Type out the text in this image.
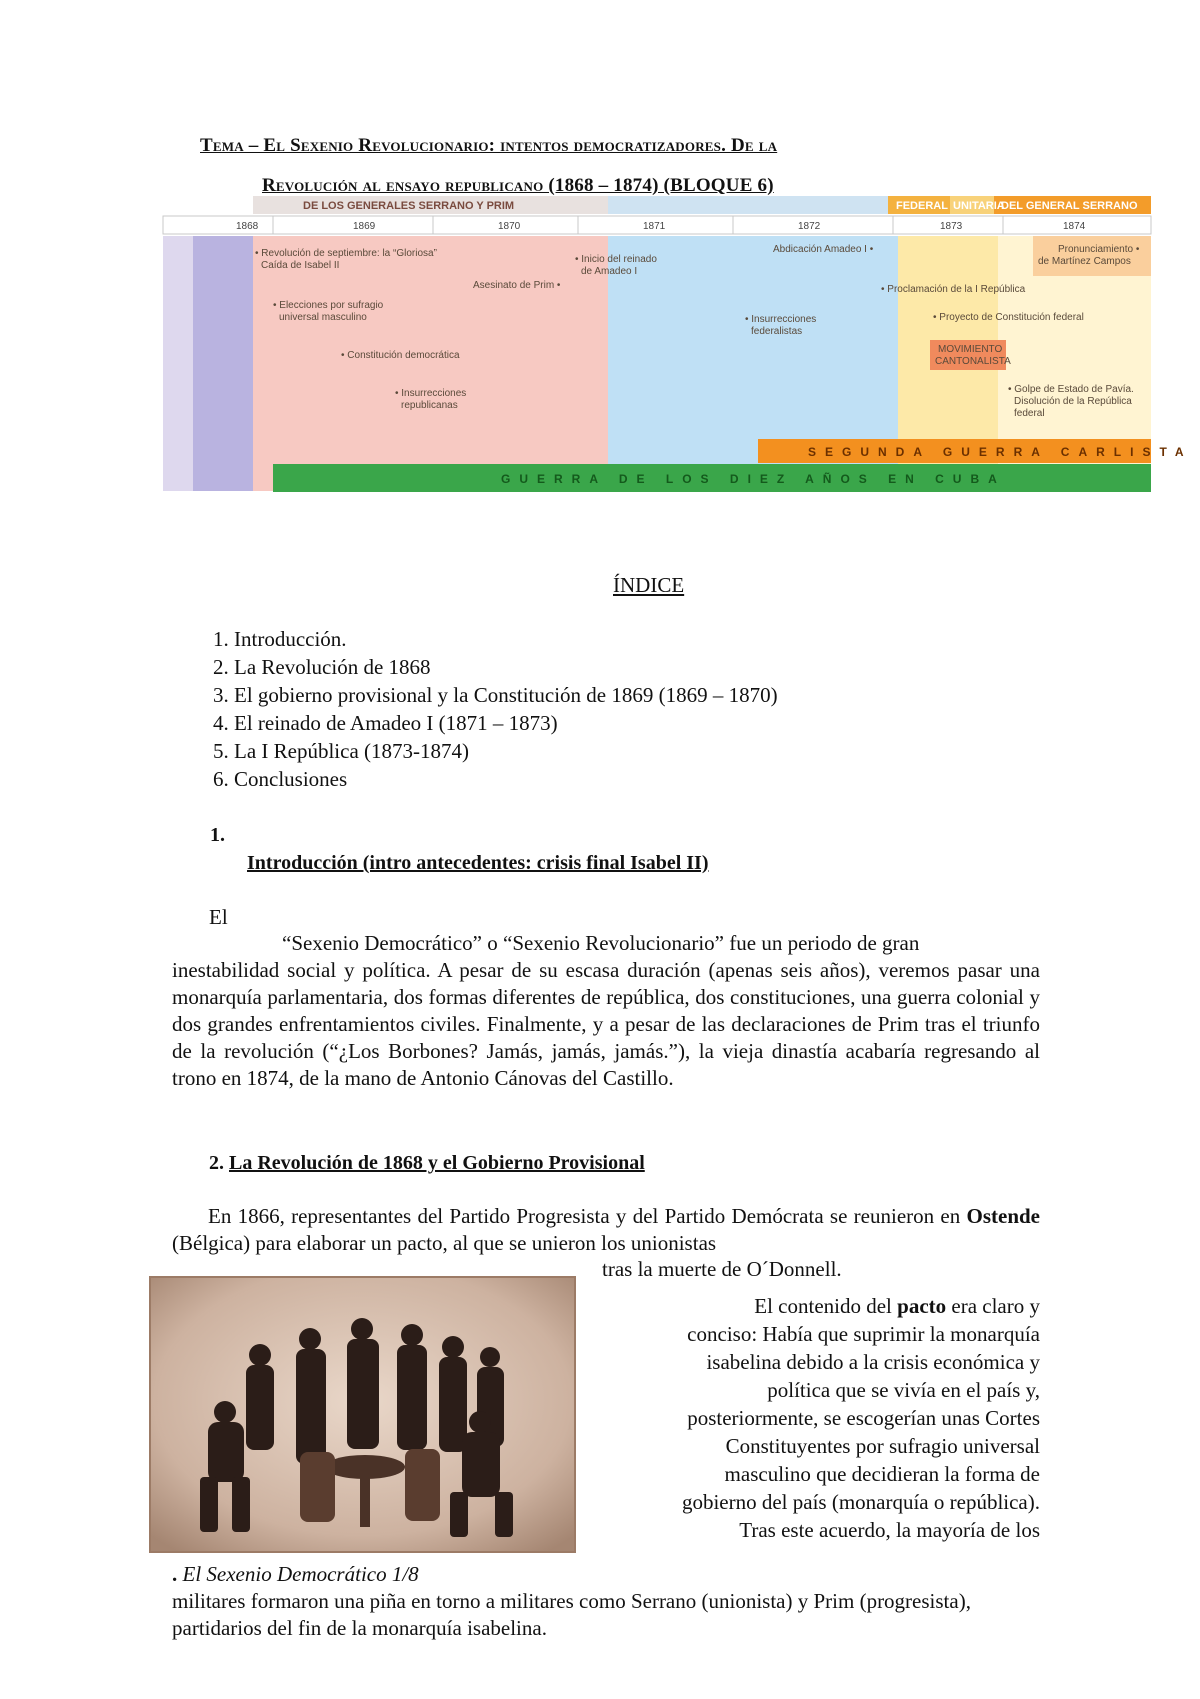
Tema – El Sexenio Revolucionario: intentos democratizadores. De la
Revolución al ensayo republicano (1868 – 1874) (BLOQUE 6)
DE LOS GENERALES SERRANO Y PRIM	FEDERAL UNITARIA
DEL GENERAL SERRANO
1868	1869	1870	1871	1872	1873	1874
• Revolución de septiembre: la “Gloriosa”
Caída de Isabel II
• Elecciones por sufragio
universal masculino
• Constitución democrática
• Insurrecciones
republicanas
Asesinato de Prim •
• Inicio del reinado
de Amadeo I
Abdicación Amadeo I •
• Insurrecciones
federalistas
Pronunciamiento •
de Martínez Campos
• Proclamación de la I República
• Proyecto de Constitución federal
MOVIMIENTO
CANTONALISTA
• Golpe de Estado de Pavía.
Disolución de la República
federal
SEGUNDA GUERRA CARLISTA
GUERRA DE LOS DIEZ AÑOS EN CUBA
ÍNDICE
1. Introducción.
2. La Revolución de 1868
3. El gobierno provisional y la Constitución de 1869 (1869 – 1870)
4. El reinado de Amadeo I (1871 – 1873)
5. La I República (1873-1874)
6. Conclusiones
1.
Introducción (intro antecedentes: crisis final Isabel II)
El
“Sexenio Democrático” o “Sexenio Revolucionario” fue un periodo de gran
inestabilidad social y política. A pesar de su escasa duración (apenas seis años), veremos pasar una monarquía parlamentaria, dos formas diferentes de república, dos constituciones, una guerra colonial y dos grandes enfrentamientos civiles. Finalmente, y a pesar de las declaraciones de Prim tras el triunfo de la revolución (“¿Los Borbones? Jamás, jamás, jamás.”), la vieja dinastía acabaría regresando al trono en 1874, de la mano de Antonio Cánovas del Castillo.
2. La Revolución de 1868 y el Gobierno Provisional
En 1866, representantes del Partido Progresista y del Partido Demócrata se reunieron en Ostende (Bélgica) para elaborar un pacto, al que se unieron los unionistas
tras la muerte de O´Donnell.
El contenido del pacto era claro y
conciso: Había que suprimir la monarquía
isabelina debido a la crisis económica y
política que se vivía en el país y,
posteriormente, se escogerían unas Cortes
Constituyentes por sufragio universal
masculino que decidieran la forma de
gobierno del país (monarquía o república).
Tras este acuerdo, la mayoría de los
. El Sexenio Democrático 1/8
militares formaron una piña en torno a militares como Serrano (unionista) y Prim (progresista), partidarios del fin de la monarquía isabelina.
